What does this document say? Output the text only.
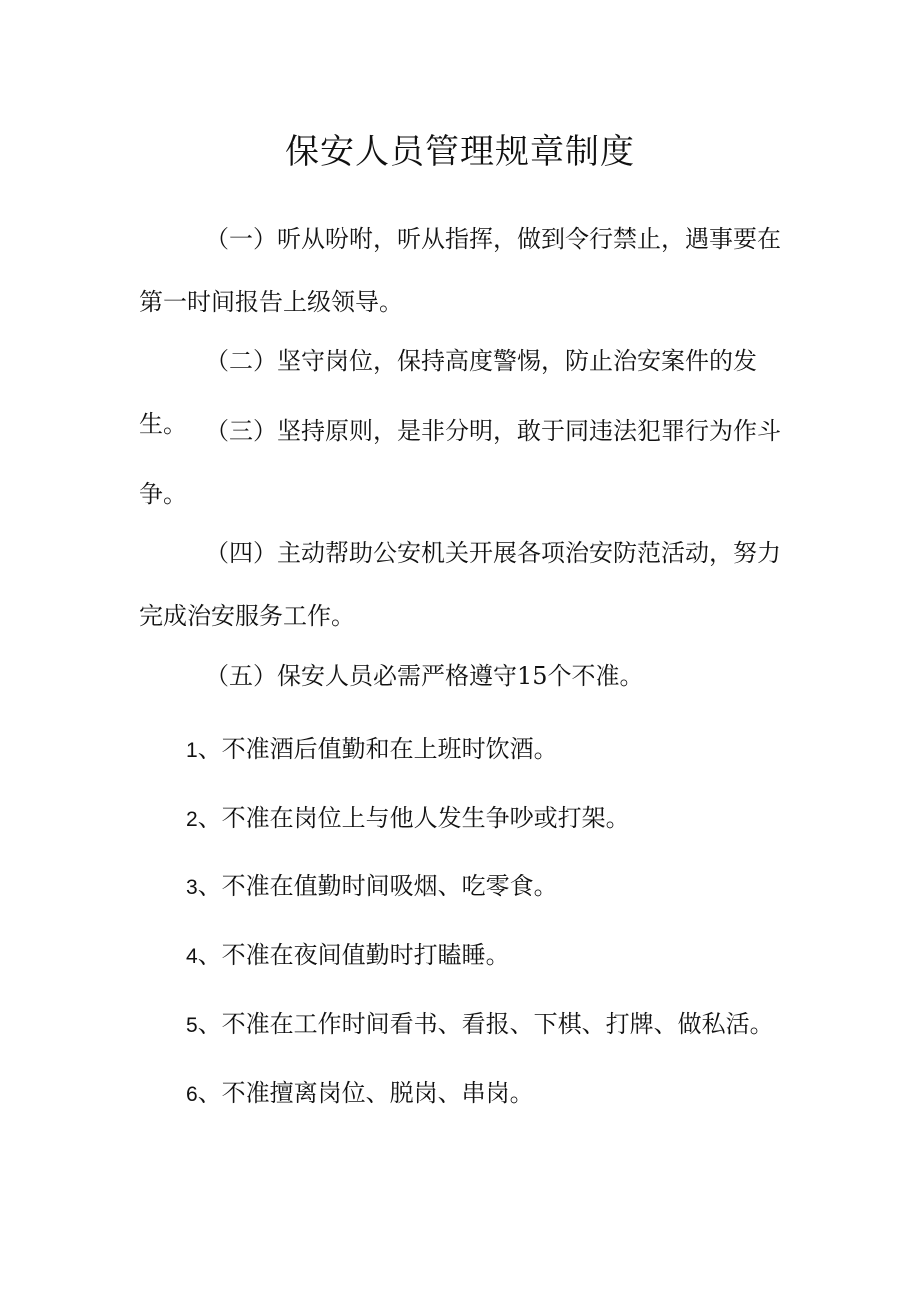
保安人员管理规章制度

（一）听从吩咐，听从指挥，做到令行禁止，遇事要在第一时间报告上级领导。

（二）坚守岗位，保持高度警惕，防止治安案件的发生。 （三）坚持原则，是非分明，敢于同违法犯罪行为作斗争。

（四）主动帮助公安机关开展各项治安防范活动，努力完成治安服务工作。

（五）保安人员必需严格遵守15个不准。

1、不准酒后值勤和在上班时饮酒。
2、不准在岗位上与他人发生争吵或打架。
3、不准在值勤时间吸烟、吃零食。
4、不准在夜间值勤时打瞌睡。
5、不准在工作时间看书、看报、下棋、打牌、做私活。
6、不准擅离岗位、脱岗、串岗。
